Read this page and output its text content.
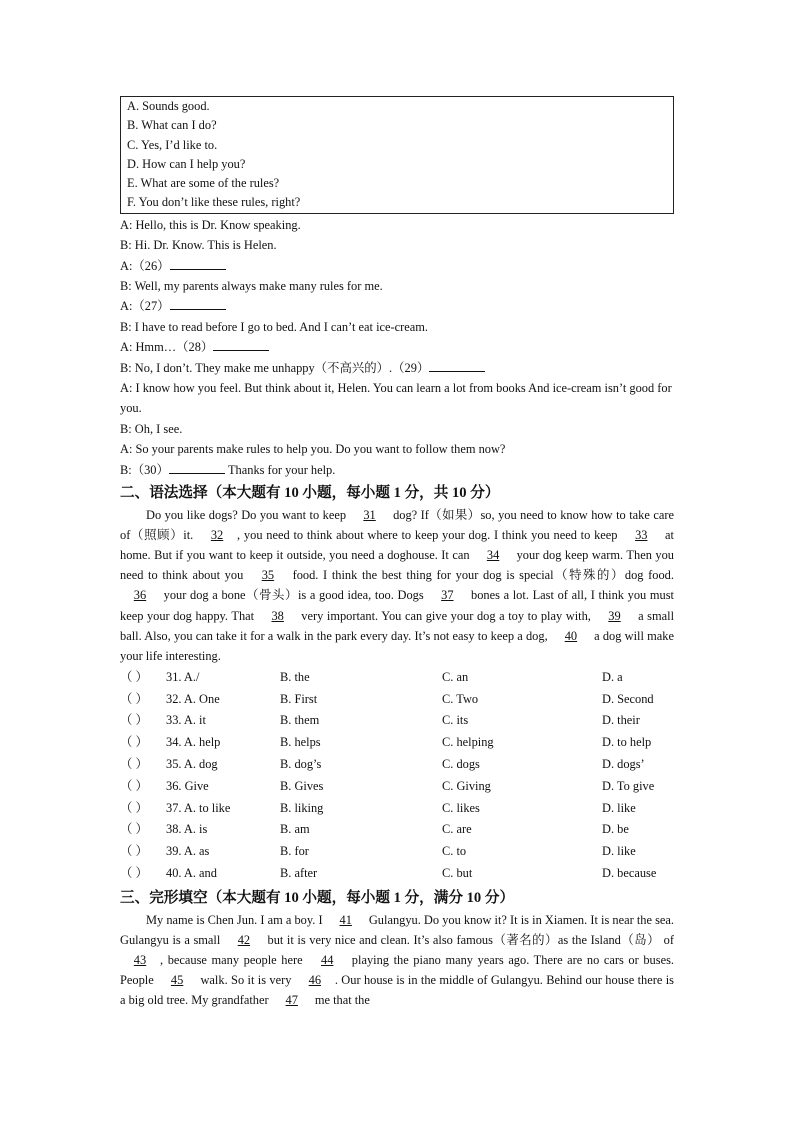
A. Sounds good.
B. What can I do?
C. Yes, I’d like to.
D. How can I help you?
E. What are some of the rules?
F. You don’t like these rules, right?
A: Hello, this is Dr. Know speaking.
B: Hi. Dr. Know. This is Helen.
A:（26）
B: Well, my parents always make many rules for me.
A:（27）
B: I have to read before I go to bed. And I can’t eat ice-cream.
A: Hmm…（28）
B: No, I don’t. They make me unhappy（不高兴的）.（29）
A: I know how you feel. But think about it, Helen. You can learn a lot from books And ice-cream isn’t good for you.
B: Oh, I see.
A: So your parents make rules to help you. Do you want to follow them now?
B:（30）	Thanks for your help.
二、语法选择（本大题有 10 小题，每小题 1 分，共 10 分）

Do you like dogs? Do you want to keep 31 dog? If（如果）so, you need to know how to take care of（照顾）it. 32 , you need to think about where to keep your dog. I think you need to keep 33 at home. But if you want to keep it outside, you need a doghouse. It can 34 your dog keep warm. Then you need to think about you 35 food. I think the best thing for your dog is special（特殊的）dog food. 36 your dog a bone（骨头）is a good idea, too. Dogs 37 bones a lot. Last of all, I think you must keep your dog happy. That 38 very important. You can give your dog a toy to play with, 39 a small ball. Also, you can take it for a walk in the park every day. It’s not easy to keep a dog, 40 a dog will make your life interesting.

（ ） 31. A./	B. the	C. an	D. a
（ ） 32. A. One	B. First	C. Two	D. Second
（ ） 33. A. it	B. them	C. its	D. their
（ ） 34. A. help	B. helps	C. helping	D. to help
（ ） 35. A. dog	B. dog’s	C. dogs	D. dogs’
（ ） 36. Give	B. Gives	C. Giving	D. To give
（ ） 37. A. to like	B. liking	C. likes	D. like
（ ） 38. A. is	B. am	C. are	D. be
（ ） 39. A. as	B. for	C. to	D. like
（ ） 40. A. and	B. after	C. but	D. because
三、完形填空（本大题有 10 小题，每小题 1 分，满分 10 分）

My name is Chen Jun. I am a boy. I 41 Gulangyu. Do you know it? It is in Xiamen. It is near the sea. Gulangyu is a small 42 but it is very nice and clean. It’s also famous（著名的）as the Island（岛） of 43 , because many people here 44 playing the piano many years ago. There are no cars or buses. People 45 walk. So it is very 46 . Our house is in the middle of Gulangyu. Behind our house there is a big old tree. My grandfather 47 me that the
